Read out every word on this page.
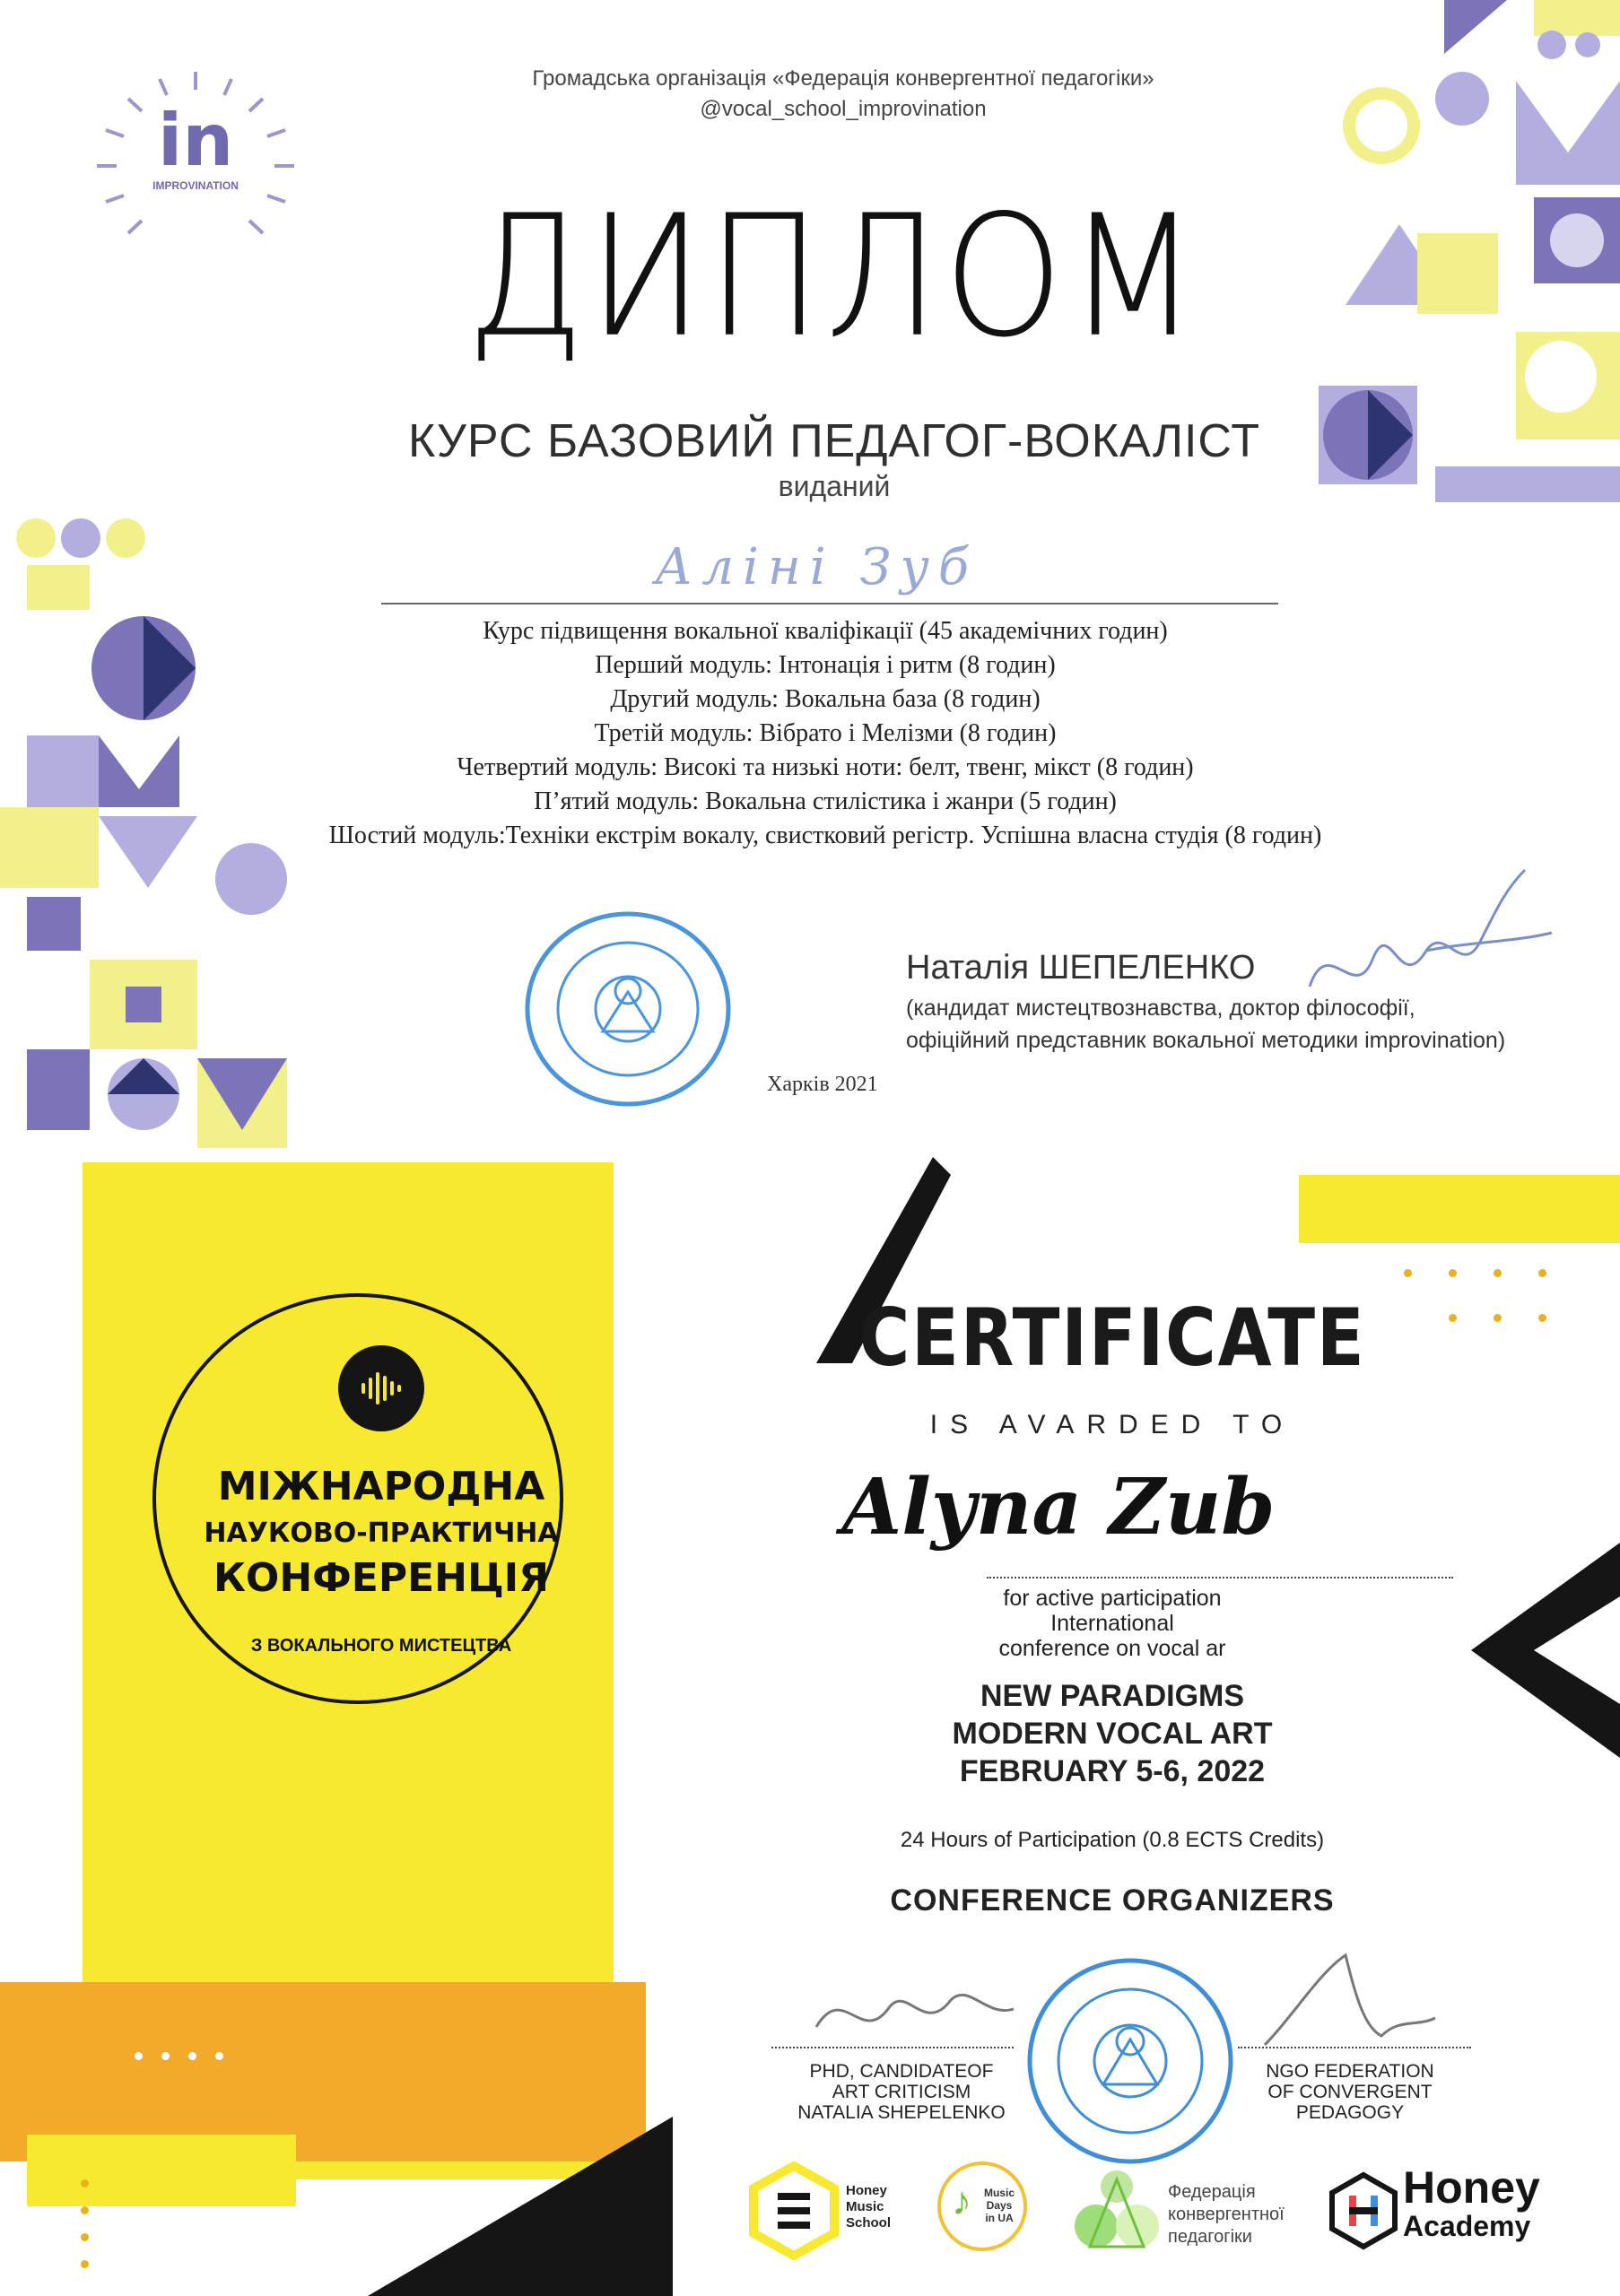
in
IMPROVINATION
Громадська організація «Федерація конвергентної педагогіки»
@vocal_school_improvination
ДИПЛОМ
КУРС БАЗОВИЙ ПЕДАГОГ-ВОКАЛІСТ
виданий
Аліні Зуб
Курс підвищення вокальної кваліфікації (45 академічних годин)
Перший модуль: Інтонація і ритм (8 годин)
Другий модуль: Вокальна база (8 годин)
Третій модуль: Вібрато і Мелізми (8 годин)
Четвертий модуль: Високі та низькі ноти: белт, твенг, мікст (8 годин)
П’ятий модуль: Вокальна стилістика і жанри (5 годин)
Шостий модуль:Техніки екстрім вокалу, свистковий регістр. Успішна власна студія (8 годин)
Наталія ШЕПЕЛЕНКО
(кандидат мистецтвознавства, доктор філософії,
офіційний представник вокальної методики improvination)
Харків 2021
МІЖНАРОДНА
НАУКОВО-ПРАКТИЧНА
КОНФЕРЕНЦІЯ
З ВОКАЛЬНОГО МИСТЕЦТВА
CERTIFICATE
IS AVARDED TO
Alyna Zub
for active participation
International
conference on vocal ar
NEW PARADIGMS
MODERN VOCAL ART
FEBRUARY 5-6, 2022
24 Hours of Participation (0.8 ECTS Credits)
CONFERENCE ORGANIZERS
PHD, CANDIDATEOF
ART CRITICISM
NATALIA SHEPELENKO
NGO FEDERATION
OF CONVERGENT
PEDAGOGY
Honey
Music
School ♪	Music
Days
in UA
Федерація
конвергентної
педагогіки
Honey
Academy
